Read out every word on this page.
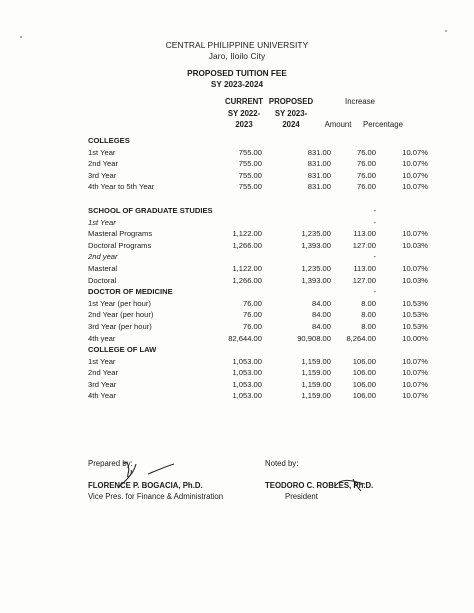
CENTRAL PHILIPPINE UNIVERSITY
Jaro, Iloilo City
PROPOSED TUITION FEE
SY 2023-2024
CURRENT
SY 2022-
2023
PROPOSED
SY 2023-
2024
Increase
Amount	Percentage
COLLEGES				
1st Year	755.00	831.00	76.00	10.07%
2nd Year	755.00	831.00	76.00	10.07%
3rd Year	755.00	831.00	76.00	10.07%
4th Year to 5th Year	755.00	831.00	76.00	10.07%

SCHOOL OF GRADUATE STUDIES			-	
1st Year			-	
Masteral Programs	1,122.00	1,235.00	113.00	10.07%
Doctoral Programs	1,266.00	1,393.00	127.00	10.03%
2nd year			-	
Masteral	1,122.00	1,235.00	113.00	10.07%
Doctoral	1,266.00	1,393.00	127.00	10.03%
DOCTOR OF MEDICINE			-	
1st Year (per hour)	76.00	84.00	8.00	10.53%
2nd Year (per hour)	76.00	84.00	8.00	10.53%
3rd Year (per hour)	76.00	84.00	8.00	10.53%
4th year	82,644.00	90,908.00	8,264.00	10.00%
COLLEGE OF LAW				
1st Year	1,053.00	1,159.00	106.00	10.07%
2nd Year	1,053.00	1,159.00	106.00	10.07%
3rd Year	1,053.00	1,159.00	106.00	10.07%
4th Year	1,053.00	1,159.00	106.00	10.07%
Prepared by:
FLORENCE P. BOGACIA, Ph.D.
Vice Pres. for Finance & Administration
Noted by:
TEODORO C. ROBLES, Ph.D.
President
